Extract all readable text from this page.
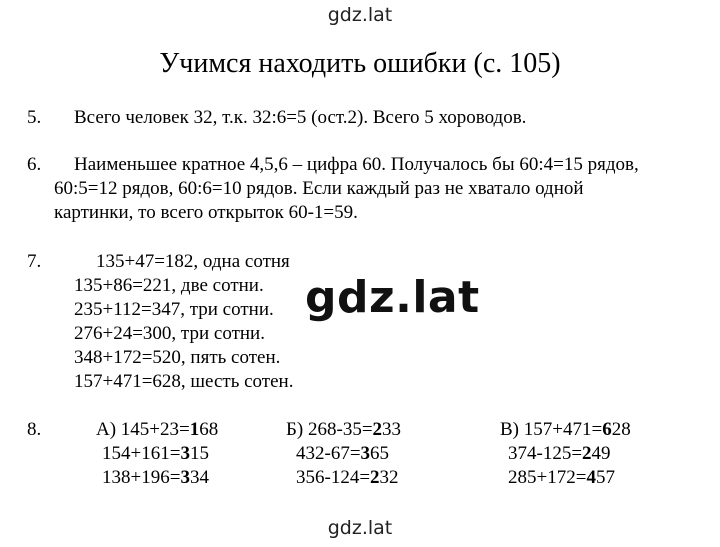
gdz.lat
Учимся находить ошибки (с. 105)
5. Всего человек 32, т.к. 32:6=5 (ост.2). Всего 5 хороводов.
6. Наименьшее кратное 4,5,6 – цифра 60. Получалось бы 60:4=15 рядов,
60:5=12 рядов, 60:6=10 рядов. Если каждый раз не хватало одной
картинки, то всего открыток 60-1=59.
7.	135+47=182, одна сотня
135+86=221, две сотни.
235+112=347, три сотни.
276+24=300, три сотни.
348+172=520, пять сотен.
157+471=628, шесть сотен.
gdz.lat
8.	А) 145+23=168
154+161=315
138+196=334
Б) 268-35=233
432-67=365
356-124=232
В) 157+471=628
374-125=249
285+172=457
gdz.lat
